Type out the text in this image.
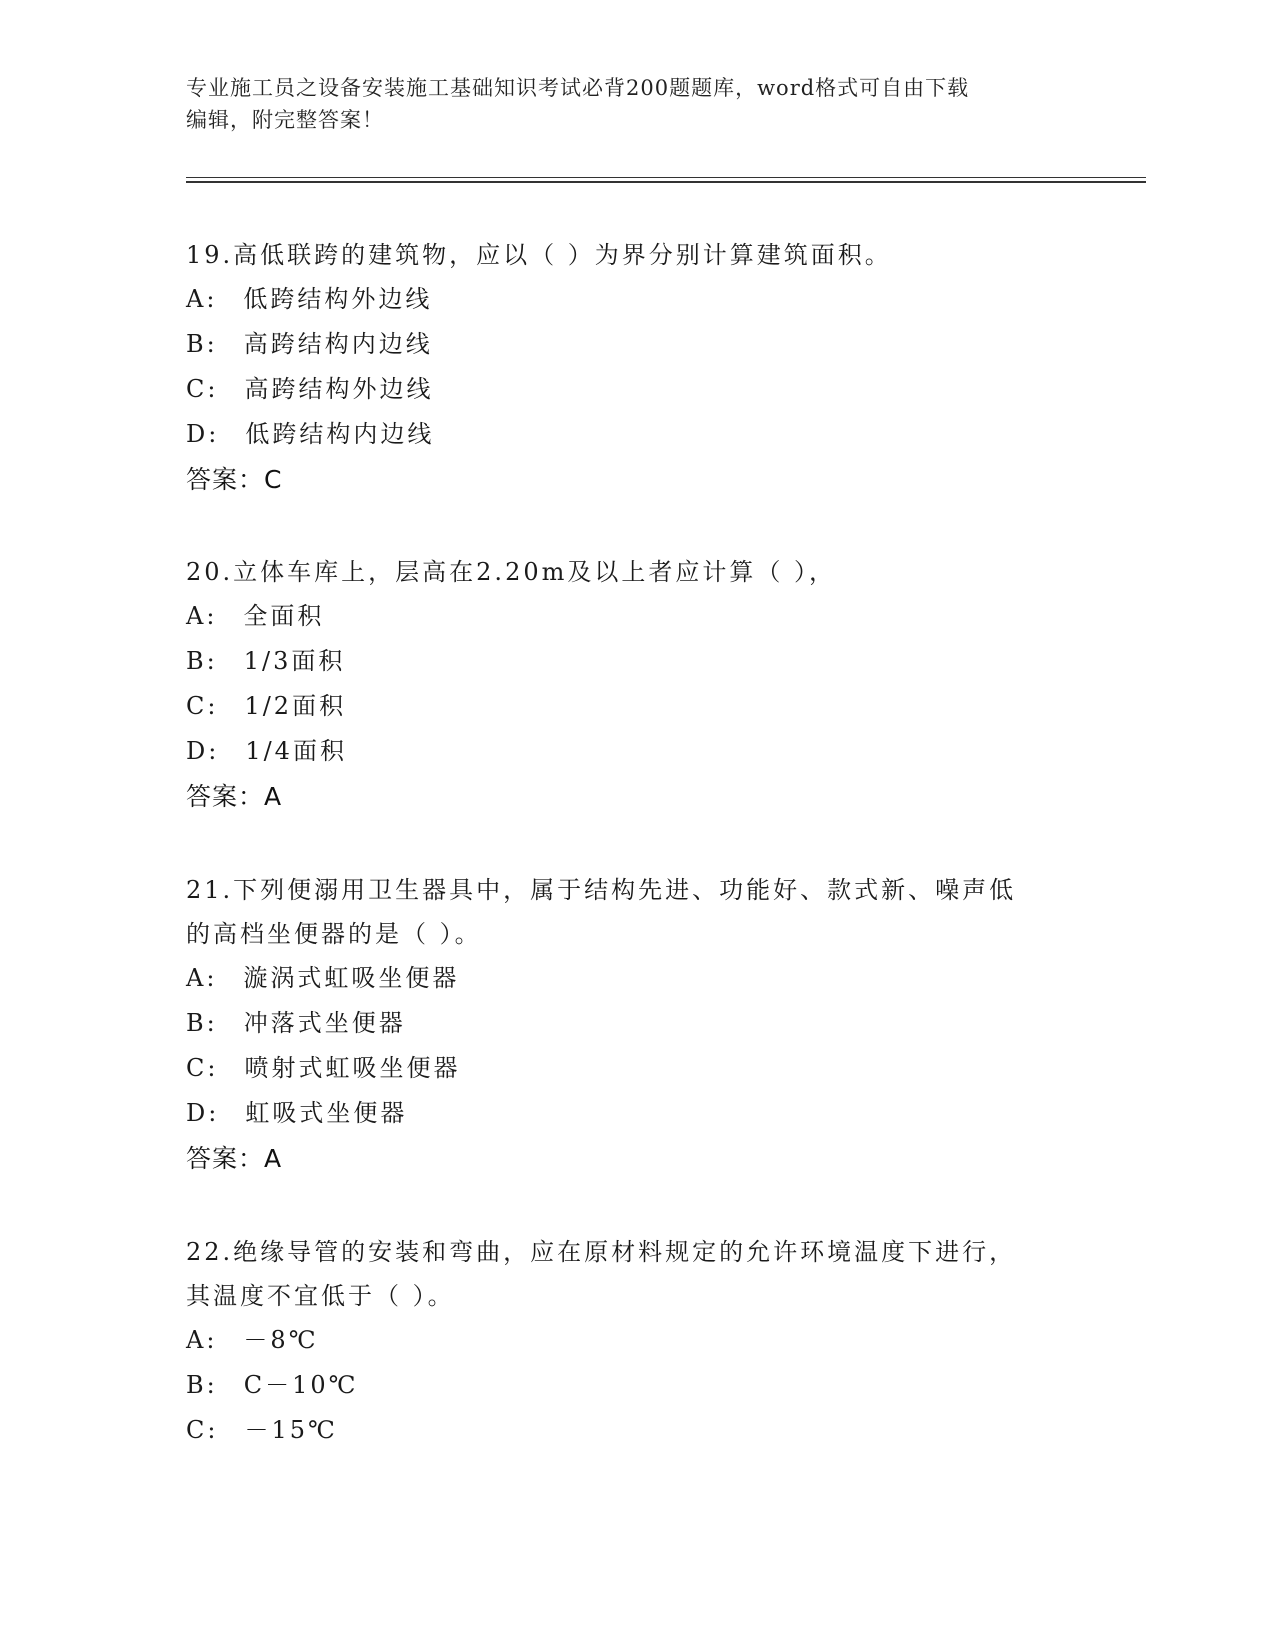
专业施工员之设备安装施工基础知识考试必背200题题库，word格式可自由下载
编辑，附完整答案！

19.高低联跨的建筑物，应以（ ）为界分别计算建筑面积。

A: 低跨结构外边线

B: 高跨结构内边线

C: 高跨结构外边线

D: 低跨结构内边线

答案：C

20.立体车库上，层高在2.20m及以上者应计算（ ），

A: 全面积

B: 1/3面积

C: 1/2面积

D: 1/4面积

答案：A

21.下列便溺用卫生器具中，属于结构先进、功能好、款式新、噪声低

的高档坐便器的是（ ）。

A: 漩涡式虹吸坐便器

B: 冲落式坐便器

C: 喷射式虹吸坐便器

D: 虹吸式坐便器

答案：A

22.绝缘导管的安装和弯曲，应在原材料规定的允许环境温度下进行，

其温度不宜低于（ ）。

A: －8℃

B: C－10℃

C: －15℃
